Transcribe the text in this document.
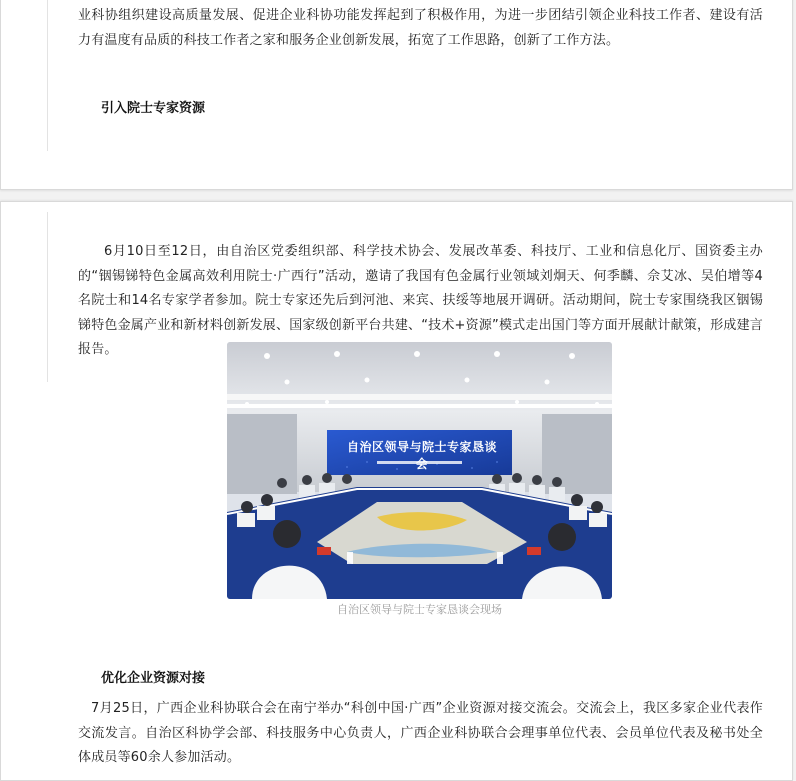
业科协组织建设高质量发展、促进企业科协功能发挥起到了积极作用，为进一步团结引领企业科技工作者、建设有活力有温度有品质的科技工作者之家和服务企业创新发展，拓宽了工作思路，创新了工作方法。

引入院士专家资源

6月10日至12日，由自治区党委组织部、科学技术协会、发展改革委、科技厅、工业和信息化厅、国资委主办的“铟锡锑特色金属高效利用院士·广西行”活动，邀请了我国有色金属行业领域刘炯天、何季麟、佘艾冰、吴伯增等4名院士和14名专家学者参加。院士专家还先后到河池、来宾、扶绥等地展开调研。活动期间，院士专家围绕我区铟锡锑特色金属产业和新材料创新发展、国家级创新平台共建、“技术+资源”模式走出国门等方面开展献计献策，形成建言报告。

自治区领导与院士专家恳谈会
自治区领导与院士专家恳谈会现场

优化企业资源对接

7月25日，广西企业科协联合会在南宁举办“科创中国·广西”企业资源对接交流会。交流会上，我区多家企业代表作交流发言。自治区科协学会部、科技服务中心负责人，广西企业科协联合会理事单位代表、会员单位代表及秘书处全体成员等60余人参加活动。
